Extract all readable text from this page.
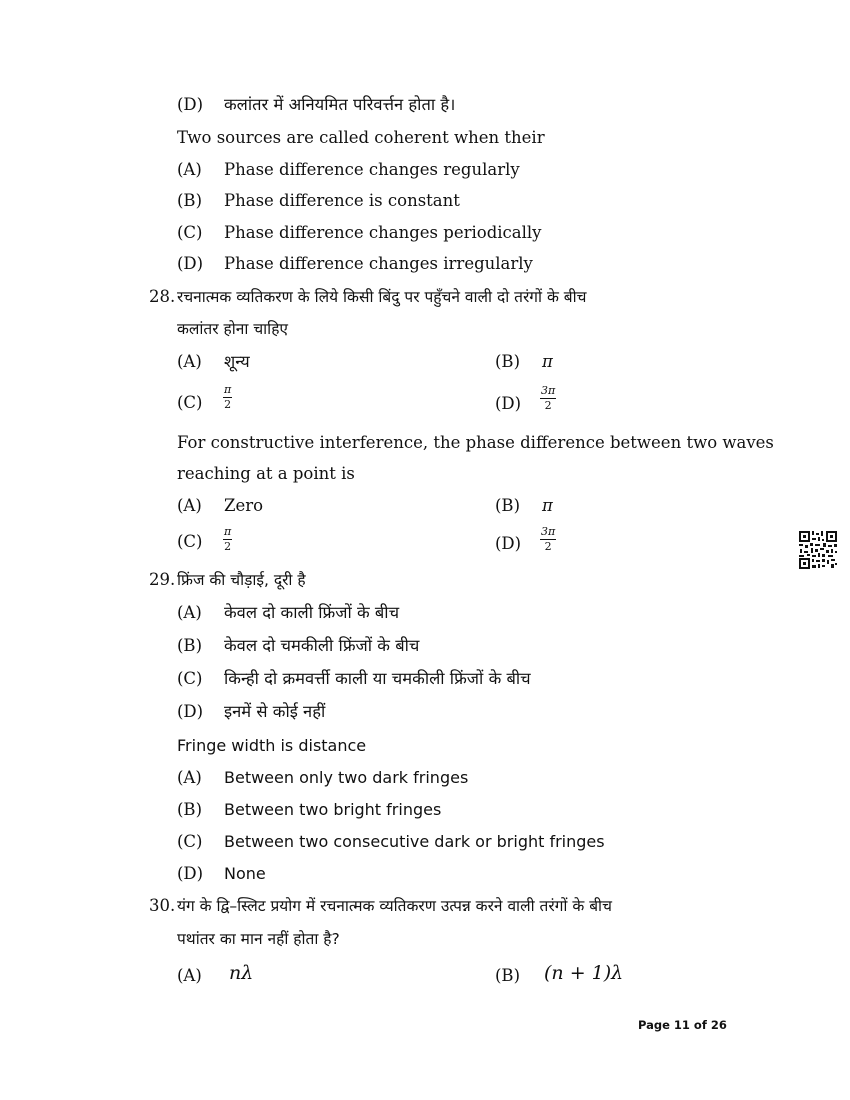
(D) कलांतर में अनियमित परिवर्त्तन होता है।
Two sources are called coherent when their
(A) Phase difference changes regularly
(B) Phase difference is constant
(C) Phase difference changes periodically
(D) Phase difference changes irregularly
28. रचनात्मक व्यतिकरण के लिये किसी बिंदु पर पहुँचने वाली दो तरंगों के बीच
कलांतर होना चाहिए
(A) शून्य	(B) π
$(C) \frac{\pi}{2}$	$(D) \frac{3\pi}{2}$
For constructive interference, the phase difference between two waves
reaching at a point is
(A) Zero	(B) π
$(C) \frac{\pi}{2}$	$(D) \frac{3\pi}{2}$
29. फ्रिंज की चौड़ाई, दूरी है
(A) केवल दो काली फ्रिंजों के बीच
(B) केवल दो चमकीली फ्रिंजों के बीच
(C) किन्ही दो क्रमवर्त्ती काली या चमकीली फ्रिंजों के बीच
(D) इनमें से कोई नहीं
Fringe width is distance
(A) Between only two dark fringes
(B) Between two bright fringes
(C) Between two consecutive dark or bright fringes
(D) None
30. यंग के द्वि–स्लिट प्रयोग में रचनात्मक व्यतिकरण उत्पन्न करने वाली तरंगों के बीच
पथांतर का मान नहीं होता है?
(A) nλ	(B) (n + 1)λ
Page 11 of 26
